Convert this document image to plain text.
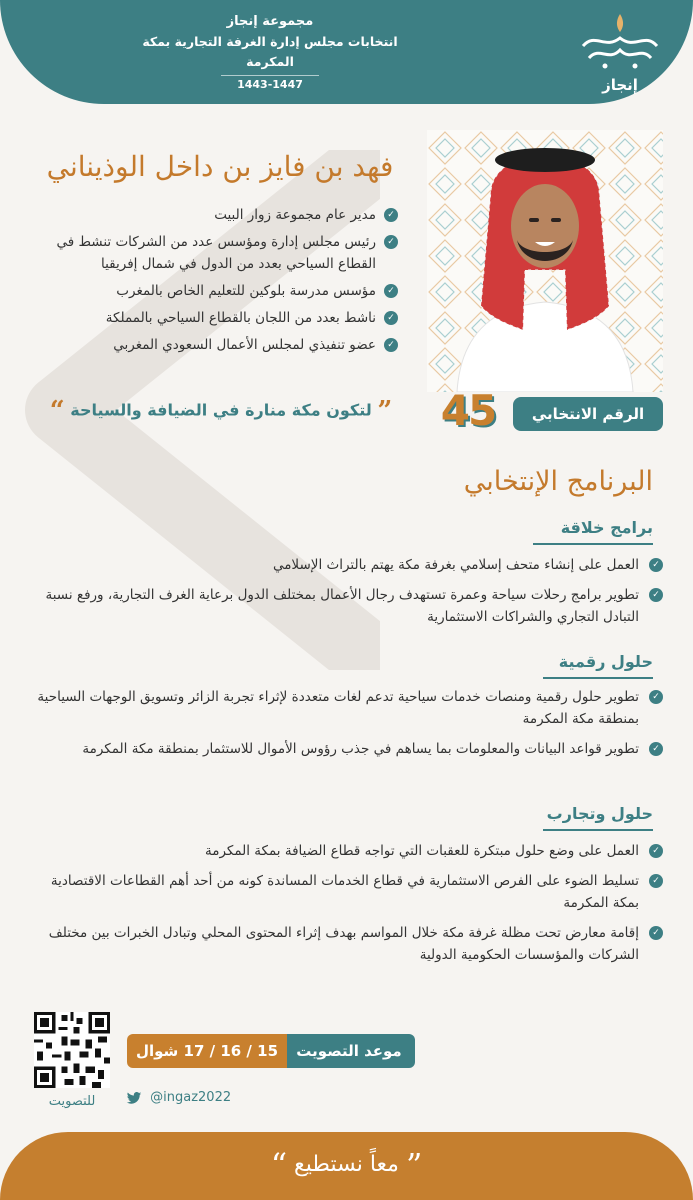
مجموعة إنجاز
انتخابات مجلس إدارة الغرفة التجارية بمكة المكرمة
1443-1447	إنجاز
الرقم الانتخابي
45
فهد بن فايز بن داخل الوذيناني
✓
مدير عام مجموعة زوار البيت
✓
رئيس مجلس إدارة ومؤسس عدد من الشركات تنشط في القطاع السياحي بعدد من الدول في شمال إفريقيا
✓
مؤسس مدرسة بلوكين للتعليم الخاص بالمغرب
✓
ناشط بعدد من اللجان بالقطاع السياحي بالمملكة
✓
عضو تنفيذي لمجلس الأعمال السعودي المغربي
” لتكون مكة منارة في الضيافة والسياحة “
البرنامج الإنتخابي
برامج خلاقة
✓
العمل على إنشاء متحف إسلامي بغرفة مكة يهتم بالتراث الإسلامي
✓
تطوير برامج رحلات سياحة وعمرة تستهدف رجال الأعمال بمختلف الدول برعاية الغرف التجارية، ورفع نسبة التبادل التجاري والشراكات الاستثمارية
حلول رقمية
✓
تطوير حلول رقمية ومنصات خدمات سياحية تدعم لغات متعددة لإثراء تجربة الزائر وتسويق الوجهات السياحية بمنطقة مكة المكرمة
✓
تطوير قواعد البيانات والمعلومات بما يساهم في جذب رؤوس الأموال للاستثمار بمنطقة مكة المكرمة
حلول وتجارب
✓
العمل على وضع حلول مبتكرة للعقبات التي تواجه قطاع الضيافة بمكة المكرمة
✓
تسليط الضوء على الفرص الاستثمارية في قطاع الخدمات المساندة كونه من أحد أهم القطاعات الاقتصادية بمكة المكرمة
✓
إقامة معارض تحت مظلة غرفة مكة خلال المواسم بهدف إثراء المحتوى المحلي وتبادل الخبرات بين مختلف الشركات والمؤسسات الحكومية الدولية
للتصويت
موعد التصويت
15 / 16 / 17 شوال
@ingaz2022
” معاً نستطيع “
